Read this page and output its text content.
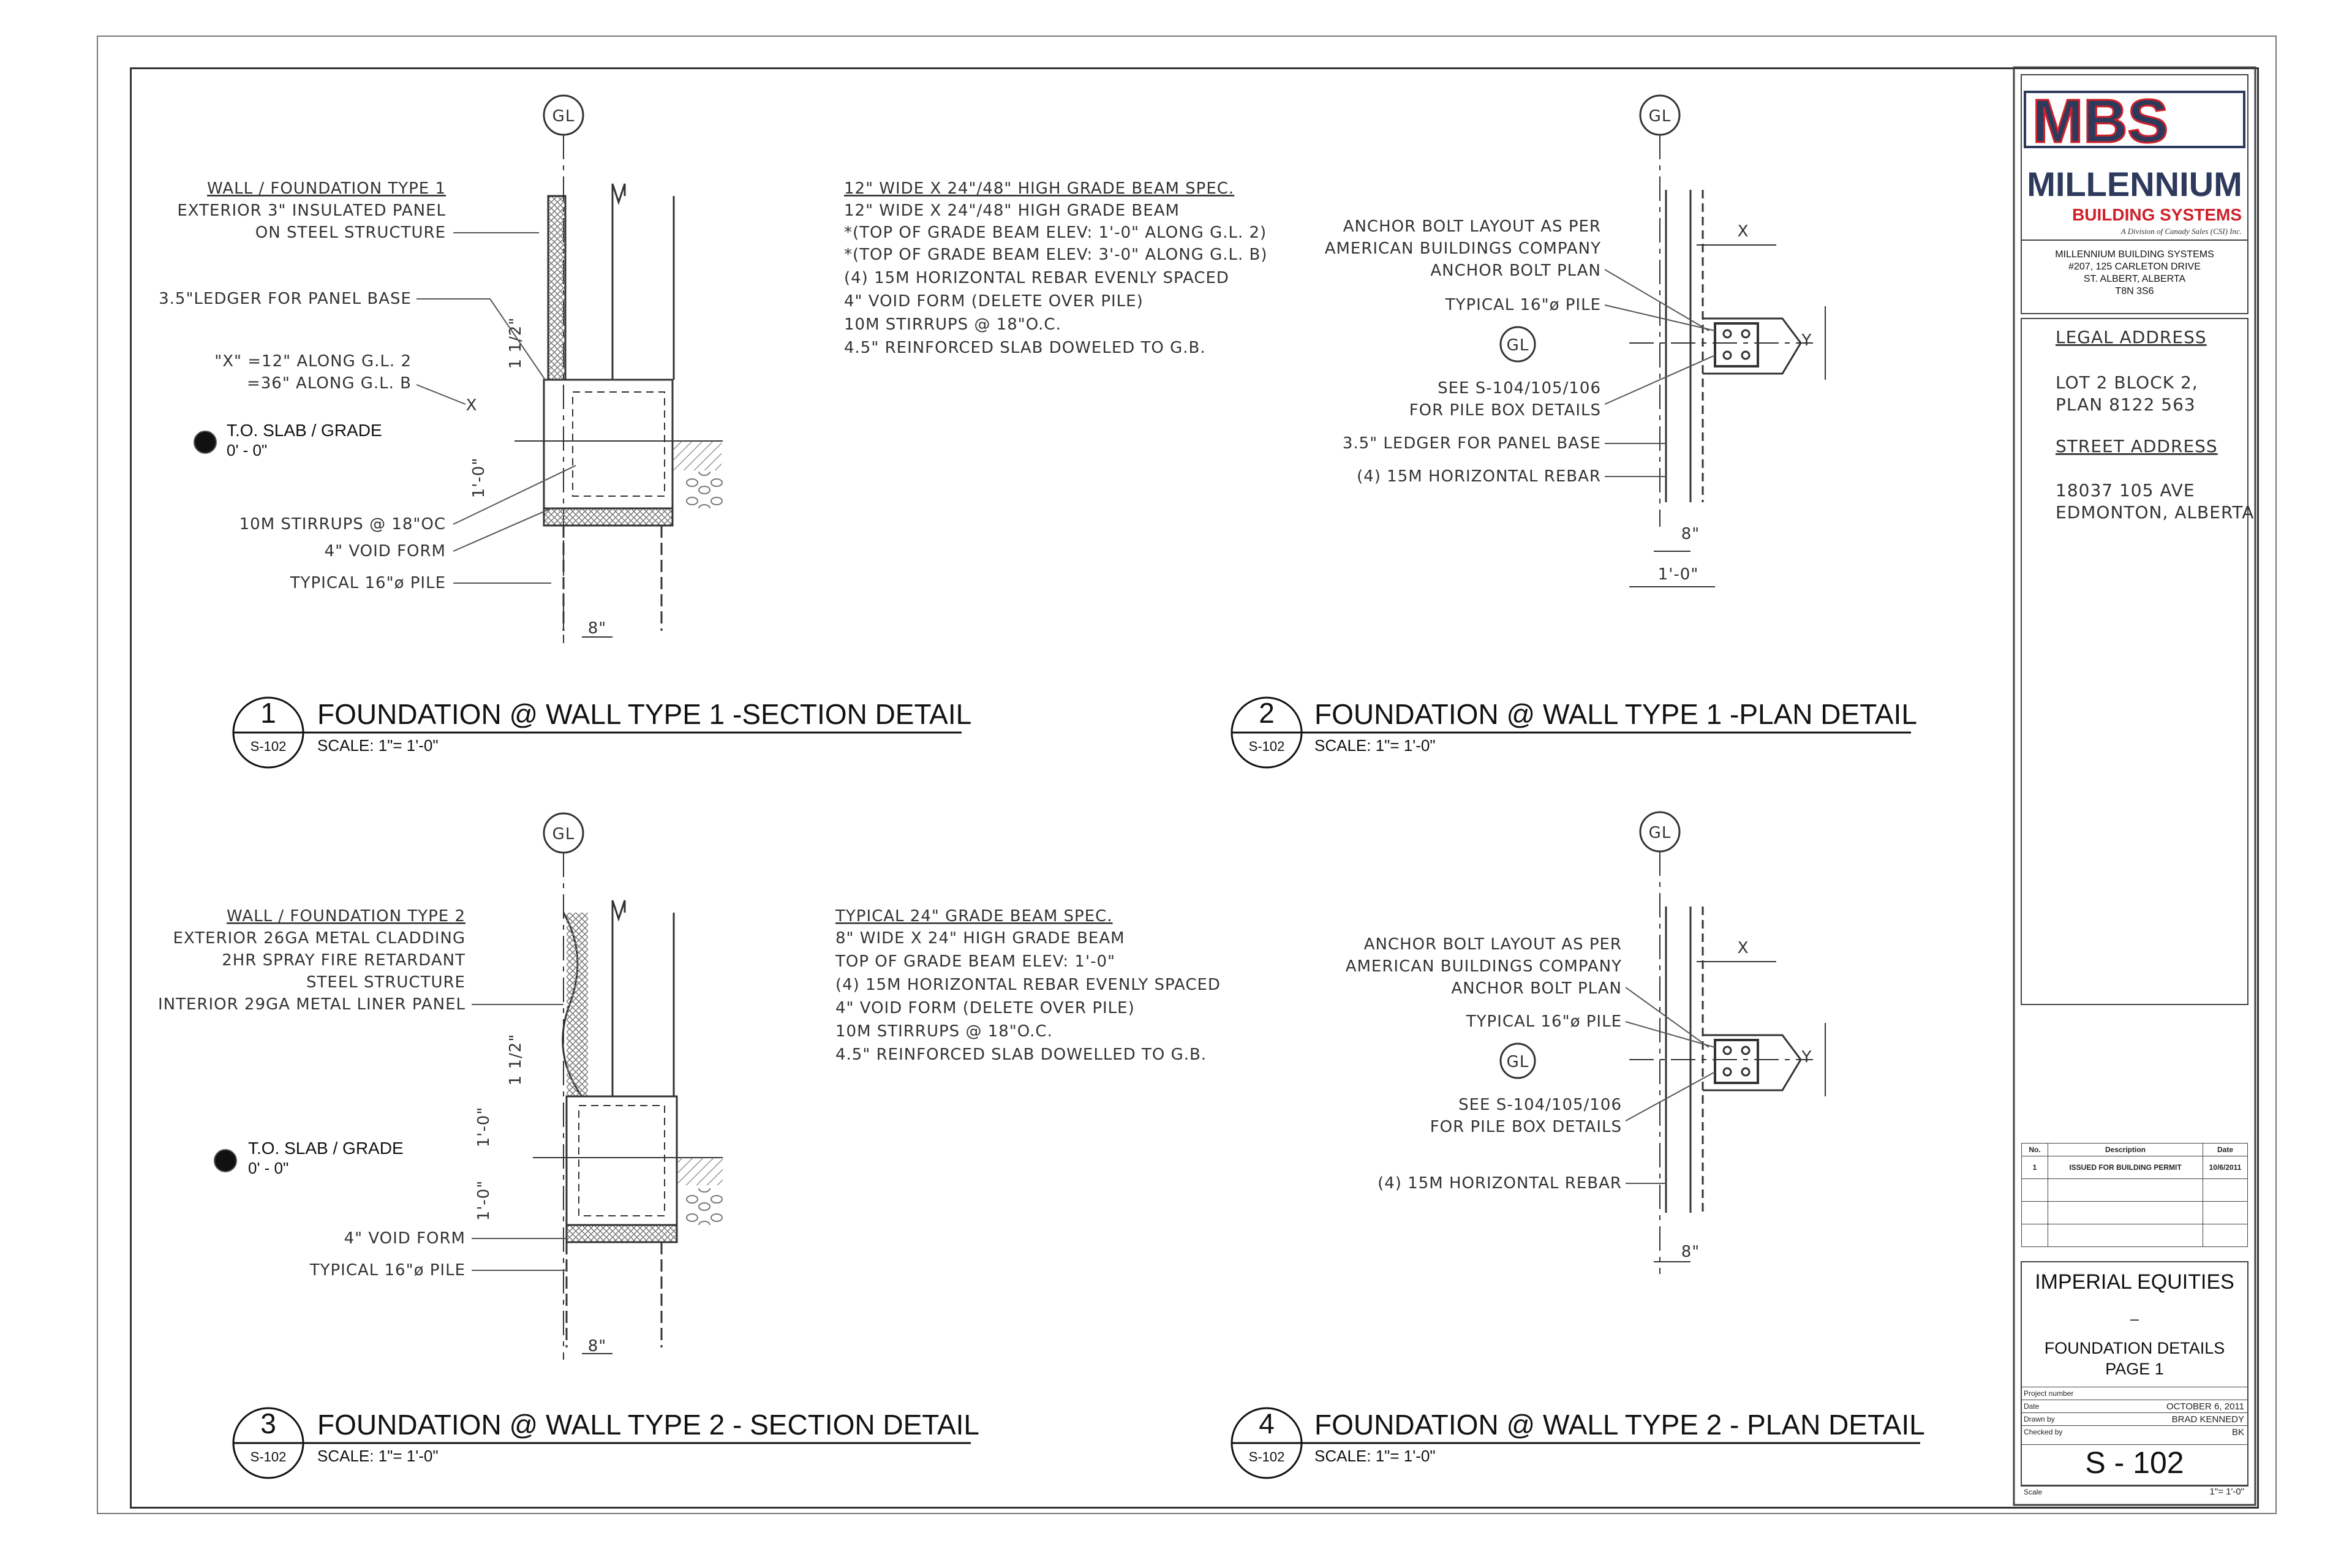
GL
WALL / FOUNDATION TYPE 1
EXTERIOR 3" INSULATED PANEL
ON STEEL STRUCTURE
3.5"LEDGER FOR PANEL BASE
"X" =12" ALONG G.L. 2
=36" ALONG G.L. B
T.O. SLAB / GRADE
0' - 0"
10M STIRRUPS @ 18"OC
4" VOID FORM
TYPICAL 16"ø PILE
8"
1'-0"
1 1/2"
X
12" WIDE X 24"/48" HIGH GRADE BEAM SPEC.
12" WIDE X 24"/48" HIGH GRADE BEAM
*(TOP OF GRADE BEAM ELEV: 1'-0" ALONG G.L. 2)
*(TOP OF GRADE BEAM ELEV: 3'-0" ALONG G.L. B)
(4) 15M HORIZONTAL REBAR EVENLY SPACED
4" VOID FORM (DELETE OVER PILE)
10M STIRRUPS @ 18"O.C.
4.5" REINFORCED SLAB DOWELED TO G.B.
1
S-102
FOUNDATION @ WALL TYPE 1 -SECTION DETAIL
SCALE: 1"= 1'-0"
GL
GL
ANCHOR BOLT LAYOUT AS PER
AMERICAN BUILDINGS COMPANY
ANCHOR BOLT PLAN
TYPICAL 16"ø PILE
SEE S-104/105/106
FOR PILE BOX DETAILS
3.5" LEDGER FOR PANEL BASE
(4) 15M HORIZONTAL REBAR
8"
1'-0"
X
Y
2
S-102
FOUNDATION @ WALL TYPE 1 -PLAN DETAIL
SCALE: 1"= 1'-0"
GL
WALL / FOUNDATION TYPE 2
EXTERIOR 26GA METAL CLADDING
2HR SPRAY FIRE RETARDANT
STEEL STRUCTURE
INTERIOR 29GA METAL LINER PANEL
T.O. SLAB / GRADE
0' - 0"
4" VOID FORM
TYPICAL 16"ø PILE
8"
1'-0"
1'-0"
1 1/2"
TYPICAL 24" GRADE BEAM SPEC.
8" WIDE X 24" HIGH GRADE BEAM
TOP OF GRADE BEAM ELEV: 1'-0"
(4) 15M HORIZONTAL REBAR EVENLY SPACED
4" VOID FORM (DELETE OVER PILE)
10M STIRRUPS @ 18"O.C.
4.5" REINFORCED SLAB DOWELLED TO G.B.
3
S-102
FOUNDATION @ WALL TYPE 2 - SECTION DETAIL
SCALE: 1"= 1'-0"
GL
GL
ANCHOR BOLT LAYOUT AS PER
AMERICAN BUILDINGS COMPANY
ANCHOR BOLT PLAN
TYPICAL 16"ø PILE
SEE S-104/105/106
FOR PILE BOX DETAILS
(4) 15M HORIZONTAL REBAR
8"
X
Y
4
S-102
FOUNDATION @ WALL TYPE 2 - PLAN DETAIL
SCALE: 1"= 1'-0"
MBS
MILLENNIUM
BUILDING SYSTEMS
A Division of Canady Sales (CSI) Inc.
MILLENNIUM BUILDING SYSTEMS
#207, 125 CARLETON DRIVE
ST. ALBERT, ALBERTA
T8N 3S6
LEGAL ADDRESS
LOT 2 BLOCK 2,
PLAN 8122 563
STREET ADDRESS
18037 105 AVE
EDMONTON, ALBERTA
No.	Description	Date
1	ISSUED FOR BUILDING PERMIT	10/6/2011

IMPERIAL EQUITIES
_
FOUNDATION DETAILS
PAGE 1
Project number	
Date	OCTOBER 6, 2011
Drawn by	BRAD KENNEDY
Checked by	BK
S - 102
Scale	1"= 1'-0"
